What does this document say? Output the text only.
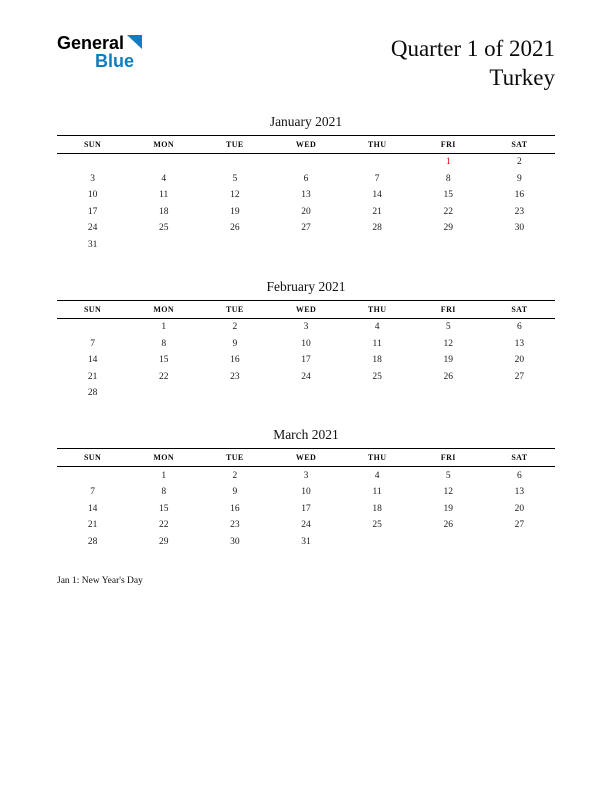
General
Blue	Quarter 1 of 2021
Turkey
January 2021
SUN	MON	TUE	WED	THU	FRI	SAT
					1	2
3	4	5	6	7	8	9
10	11	12	13	14	15	16
17	18	19	20	21	22	23
24	25	26	27	28	29	30
31						
February 2021
SUN	MON	TUE	WED	THU	FRI	SAT
	1	2	3	4	5	6
7	8	9	10	11	12	13
14	15	16	17	18	19	20
21	22	23	24	25	26	27
28						
March 2021
SUN	MON	TUE	WED	THU	FRI	SAT
	1	2	3	4	5	6
7	8	9	10	11	12	13
14	15	16	17	18	19	20
21	22	23	24	25	26	27
28	29	30	31			
Jan 1: New Year's Day
